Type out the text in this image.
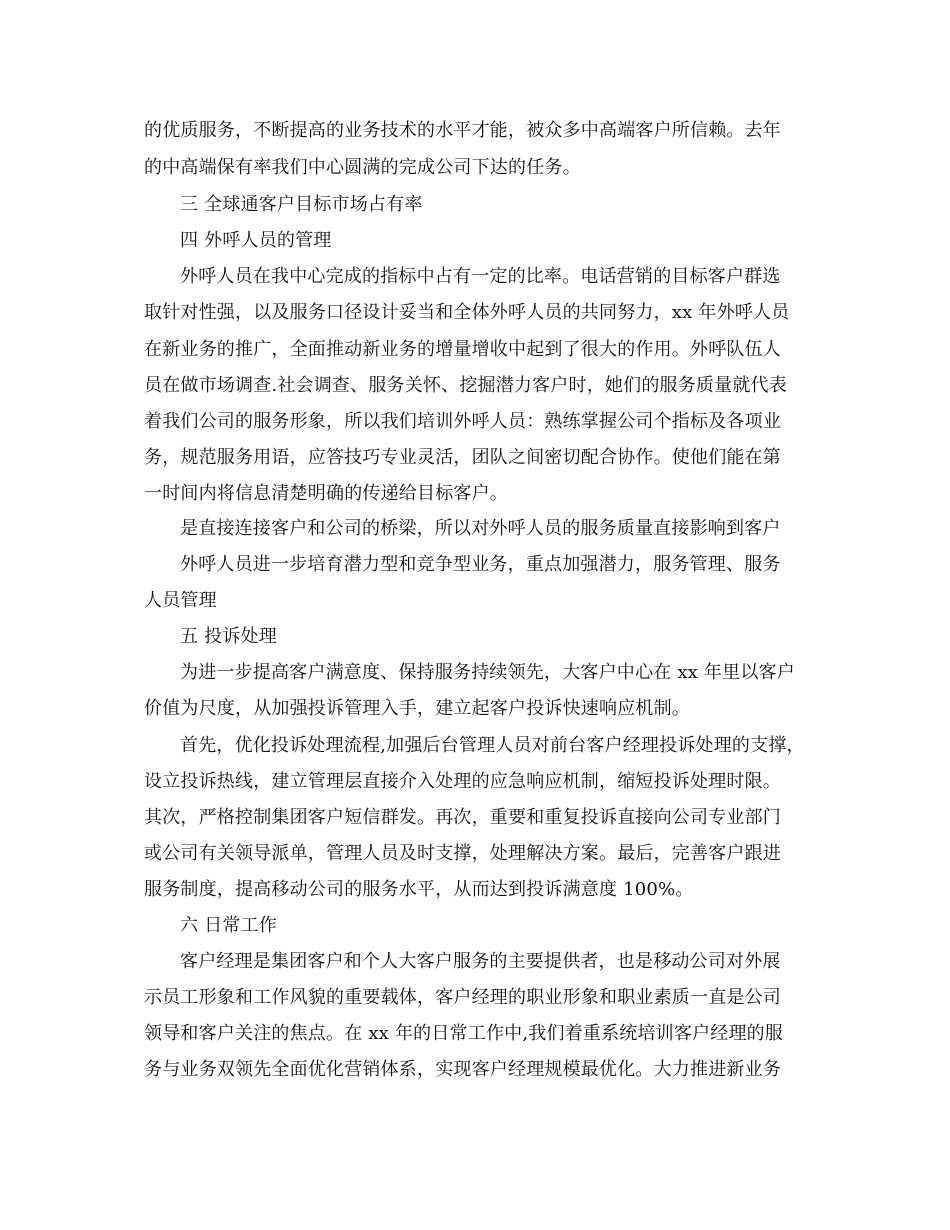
的优质服务，不断提高的业务技术的水平才能，被众多中高端客户所信赖。去年
的中高端保有率我们中心圆满的完成公司下达的任务。
三 全球通客户目标市场占有率
四 外呼人员的管理
外呼人员在我中心完成的指标中占有一定的比率。电话营销的目标客户群选
取针对性强，以及服务口径设计妥当和全体外呼人员的共同努力，xx 年外呼人员
在新业务的推广，全面推动新业务的增量增收中起到了很大的作用。外呼队伍人
员在做市场调查.社会调查、服务关怀、挖掘潜力客户时，她们的服务质量就代表
着我们公司的服务形象，所以我们培训外呼人员：熟练掌握公司个指标及各项业
务，规范服务用语，应答技巧专业灵活，团队之间密切配合协作。使他们能在第
一时间内将信息清楚明确的传递给目标客户。
是直接连接客户和公司的桥梁，所以对外呼人员的服务质量直接影响到客户
外呼人员进一步培育潜力型和竞争型业务，重点加强潜力，服务管理、服务
人员管理
五 投诉处理
为进一步提高客户满意度、保持服务持续领先，大客户中心在 xx 年里以客户
价值为尺度，从加强投诉管理入手，建立起客户投诉快速响应机制。
首先，优化投诉处理流程,加强后台管理人员对前台客户经理投诉处理的支撑，
设立投诉热线，建立管理层直接介入处理的应急响应机制，缩短投诉处理时限。
其次，严格控制集团客户短信群发。再次，重要和重复投诉直接向公司专业部门
或公司有关领导派单，管理人员及时支撑，处理解决方案。最后，完善客户跟进
服务制度，提高移动公司的服务水平，从而达到投诉满意度 100%。
六 日常工作
客户经理是集团客户和个人大客户服务的主要提供者，也是移动公司对外展
示员工形象和工作风貌的重要载体，客户经理的职业形象和职业素质一直是公司
领导和客户关注的焦点。在 xx 年的日常工作中,我们着重系统培训客户经理的服
务与业务双领先全面优化营销体系，实现客户经理规模最优化。大力推进新业务
